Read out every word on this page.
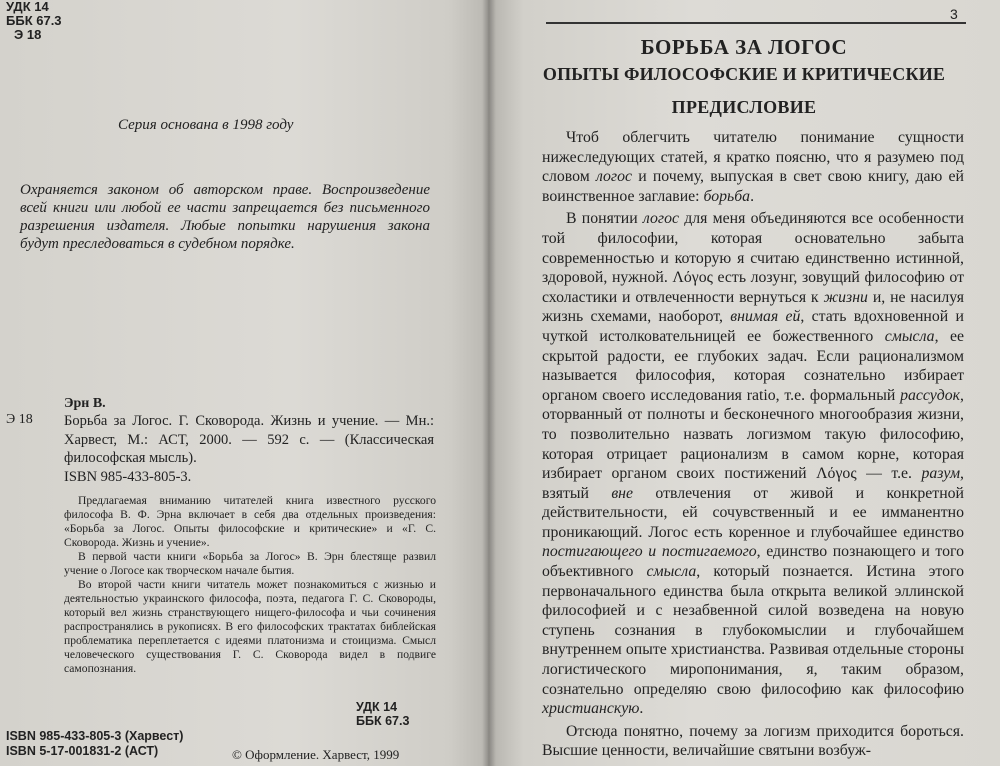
УДК 14
ББК 67.3
Э 18
Серия основана в 1998 году
Охраняется законом об авторском праве. Воспроизведение всей книги или любой ее части запрещается без письменного разрешения издателя. Любые попытки нарушения закона будут преследоваться в судебном порядке.
Эрн В.
Э 18 Борьба за Логос. Г. Сковорода. Жизнь и учение. — Мн.: Харвест, М.: АСТ, 2000. — 592 с. — (Классическая философская мысль).
ISBN 985-433-805-3.

Предлагаемая вниманию читателей книга известного русского философа В. Ф. Эрна включает в себя два отдельных произведения: «Борьба за Логос. Опыты философские и критические» и «Г. С. Сковорода. Жизнь и учение».

В первой части книги «Борьба за Логос» В. Эрн блестяще развил учение о Логосе как творческом начале бытия.

Во второй части книги читатель может познакомиться с жизнью и деятельностью украинского философа, поэта, педагога Г. С. Сковороды, который вел жизнь странствующего нищего-философа и чьи сочинения распространялись в рукописях. В его философских трактатах библейская проблематика переплетается с идеями платонизма и стоицизма. Смысл человеческого существования Г. С. Сковорода видел в подвиге самопознания.

УДК 14
ББК 67.3
ISBN 985-433-805-3 (Харвест)
ISBN 5-17-001831-2 (АСТ)	© Оформление. Харвест, 1999
3
БОРЬБА ЗА ЛОГОС
ОПЫТЫ ФИЛОСОФСКИЕ И КРИТИЧЕСКИЕ
ПРЕДИСЛОВИЕ

Чтоб облегчить читателю понимание сущности нижеследующих статей, я кратко поясню, что я разумею под словом логос и почему, выпуская в свет свою книгу, даю ей воинственное заглавие: борьба.

В понятии логос для меня объединяются все особенности той философии, которая основательно забыта современностью и которую я считаю единственно истинной, здоровой, нужной. Λόγος есть лозунг, зовущий философию от схоластики и отвлеченности вернуться к жизни и, не насилуя жизнь схемами, наоборот, внимая ей, стать вдохновенной и чуткой истолковательницей ее божественного смысла, ее скрытой радости, ее глубоких задач. Если рационализмом называется философия, которая сознательно избирает органом своего исследования ratio, т.е. формальный рассудок, оторванный от полноты и бесконечного многообразия жизни, то позволительно назвать логизмом такую философию, которая отрицает рационализм в самом корне, которая избирает органом своих постижений Λόγος — т.е. разум, взятый вне отвлечения от живой и конкретной действительности, ей сочувственный и ее имманентно проникающий. Логос есть коренное и глубочайшее единство постигающего и постигаемого, единство познающего и того объективного смысла, который познается. Истина этого первоначального единства была открыта великой эллинской философией и с незабвенной силой возведена на новую ступень сознания в глубокомыслии и глубочайшем внутреннем опыте христианства. Развивая отдельные стороны логистического миропонимания, я, таким образом, сознательно определяю свою философию как философию христианскую.

Отсюда понятно, почему за логизм приходится бороться. Высшие ценности, величайшие святыни возбуж-
